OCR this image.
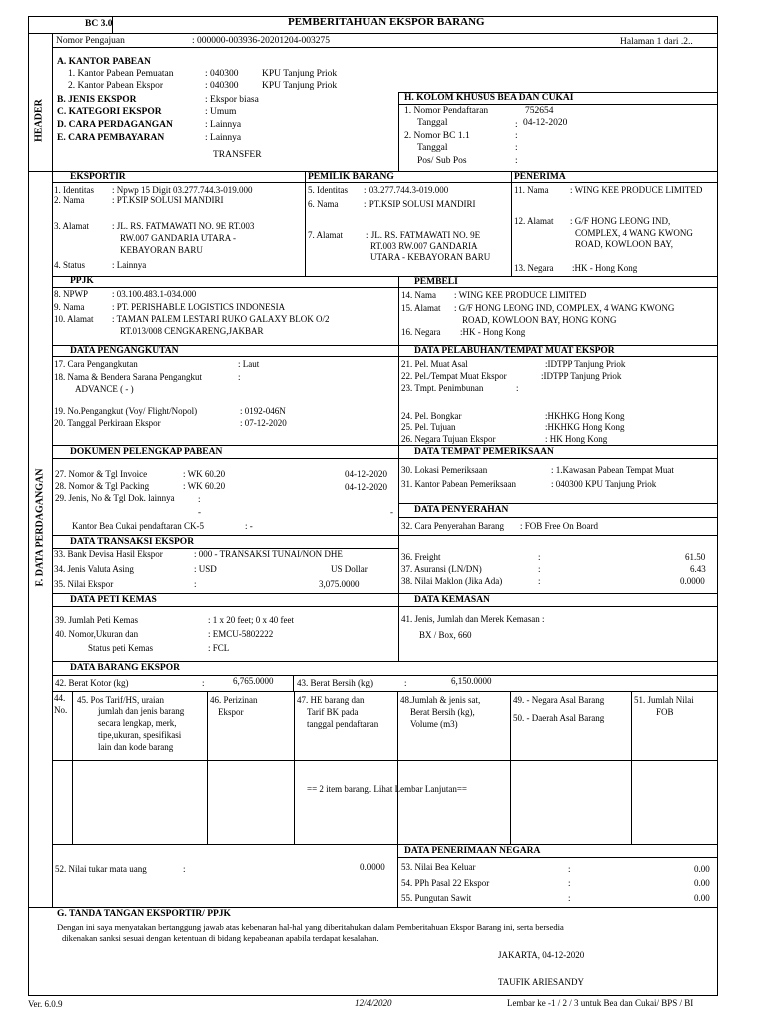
HEADER
F. DATA PERDAGANGAN
BC 3.0	PEMBERITAHUAN EKSPOR BARANG
Nomor Pengajuan	: 000000-003936-20201204-003275	Halaman 1 dari .2..
A. KANTOR PABEAN
1. Kantor Pabean Pemuatan	: 040300 KPU Tanjung Priok
2. Kantor Pabean Ekspor	: 040300 KPU Tanjung Priok
B. JENIS EKSPOR	: Ekspor biasa
C. KATEGORI EKSPOR	: Umum
D. CARA PERDAGANGAN	: Lainnya
E. CARA PEMBAYARAN	: Lainnya
TRANSFER
H. KOLOM KHUSUS BEA DAN CUKAI
1. Nomor Pendaftaran	752654
Tanggal	: 04-12-2020
2. Nomor BC 1.1	:
Tanggal	:
Pos/ Sub Pos	:
EKSPORTIR
1. Identitas : Npwp 15 Digit 03.277.744.3-019.000
2. Nama	: PT.KSIP SOLUSI MANDIRI
3. Alamat	: JL. RS. FATMAWATI NO. 9E RT.003
RW.007 GANDARIA UTARA -
KEBAYORAN BARU
4. Status	: Lainnya
PEMILIK BARANG
5. Identitas : 03.277.744.3-019.000
6. Nama	: PT.KSIP SOLUSI MANDIRI
7. Alamat	: JL. RS. FATMAWATI NO. 9E
RT.003 RW.007 GANDARIA
UTARA - KEBAYORAN BARU
PENERIMA
11. Nama : WING KEE PRODUCE LIMITED
12. Alamat : G/F HONG LEONG IND,
COMPLEX, 4 WANG KWONG
ROAD, KOWLOON BAY,
13. Negara :HK - Hong Kong
PPJK
8. NPWP	: 03.100.483.1-034.000
9. Nama	: PT. PERISHABLE LOGISTICS INDONESIA
10. Alamat : TAMAN PALEM LESTARI RUKO GALAXY BLOK O/2
RT.013/008 CENGKARENG,JAKBAR
PEMBELI
14. Nama : WING KEE PRODUCE LIMITED
15. Alamat : G/F HONG LEONG IND, COMPLEX, 4 WANG KWONG
ROAD, KOWLOON BAY, HONG KONG
16. Negara :HK - Hong Kong
DATA PENGANGKUTAN
17. Cara Pengangkutan	: Laut
18. Nama & Bendera Sarana Pengangkut	:
ADVANCE ( - )
19. No.Pengangkut (Voy/ Flight/Nopol)	: 0192-046N
20. Tanggal Perkiraan Ekspor	: 07-12-2020
DATA PELABUHAN/TEMPAT MUAT EKSPOR
21. Pel. Muat Asal	:IDTPP Tanjung Priok
22. Pel./Tempat Muat Ekspor	:IDTPP Tanjung Priok
23. Tmpt. Penimbunan	:
24. Pel. Bongkar	:HKHKG Hong Kong
25. Pel. Tujuan	:HKHKG Hong Kong
26. Negara Tujuan Ekspor	: HK Hong Kong
DOKUMEN PELENGKAP PABEAN
27. Nomor & Tgl Invoice	: WK 60.20	04-12-2020
28. Nomor & Tgl Packing	: WK 60.20	04-12-2020
29. Jenis, No & Tgl Dok. lainnya	:
-	-
Kantor Bea Cukai pendaftaran CK-5	: -
DATA TEMPAT PEMERIKSAAN
30. Lokasi Pemeriksaan	: 1.Kawasan Pabean Tempat Muat
31. Kantor Pabean Pemeriksaan	: 040300 KPU Tanjung Priok
DATA PENYERAHAN
32. Cara Penyerahan Barang : FOB Free On Board
DATA TRANSAKSI EKSPOR
33. Bank Devisa Hasil Ekspor	: 000 - TRANSAKSI TUNAI/NON DHE
34. Jenis Valuta Asing	: USD	US Dollar
35. Nilai Ekspor	:	3,075.0000
36. Freight	:	61.50
37. Asuransi (LN/DN)	:	6.43
38. Nilai Maklon (Jika Ada)	:	0.0000
DATA PETI KEMAS
39. Jumlah Peti Kemas	: 1 x 20 feet; 0 x 40 feet
40. Nomor,Ukuran dan	: EMCU-5802222
Status peti Kemas	: FCL
DATA KEMASAN
41. Jenis, Jumlah dan Merek Kemasan :
BX / Box, 660
DATA BARANG EKSPOR
42. Berat Kotor (kg)	:	6,765.0000	43. Berat Bersih (kg)	:	6,150.0000
44.
No.
45. Pos Tarif/HS, uraian
jumlah dan jenis barang
secara lengkap, merk,
tipe,ukuran, spesifikasi
lain dan kode barang
46. Perizinan
Ekspor
47. HE barang dan
Tarif BK pada
tanggal pendaftaran
48.Jumlah & jenis sat,
Berat Bersih (kg),
Volume (m3)
49. - Negara Asal Barang
50. - Daerah Asal Barang
51. Jumlah Nilai
FOB
== 2 item barang. Lihat Lembar Lanjutan==
52. Nilai tukar mata uang	:	0.0000
DATA PENERIMAAN NEGARA
53. Nilai Bea Keluar	:	0.00
54. PPh Pasal 22 Ekspor	:	0.00
55. Pungutan Sawit	:	0.00
G. TANDA TANGAN EKSPORTIR/ PPJK
Dengan ini saya menyatakan bertanggung jawab atas kebenaran hal-hal yang diberitahukan dalam Pemberitahuan Ekspor Barang ini, serta bersedia
dikenakan sanksi sesuai dengan ketentuan di bidang kepabeanan apabila terdapat kesalahan.
JAKARTA, 04-12-2020
TAUFIK ARIESANDY
Ver. 6.0.9	12/4/2020	Lembar ke -1 / 2 / 3 untuk Bea dan Cukai/ BPS / BI
